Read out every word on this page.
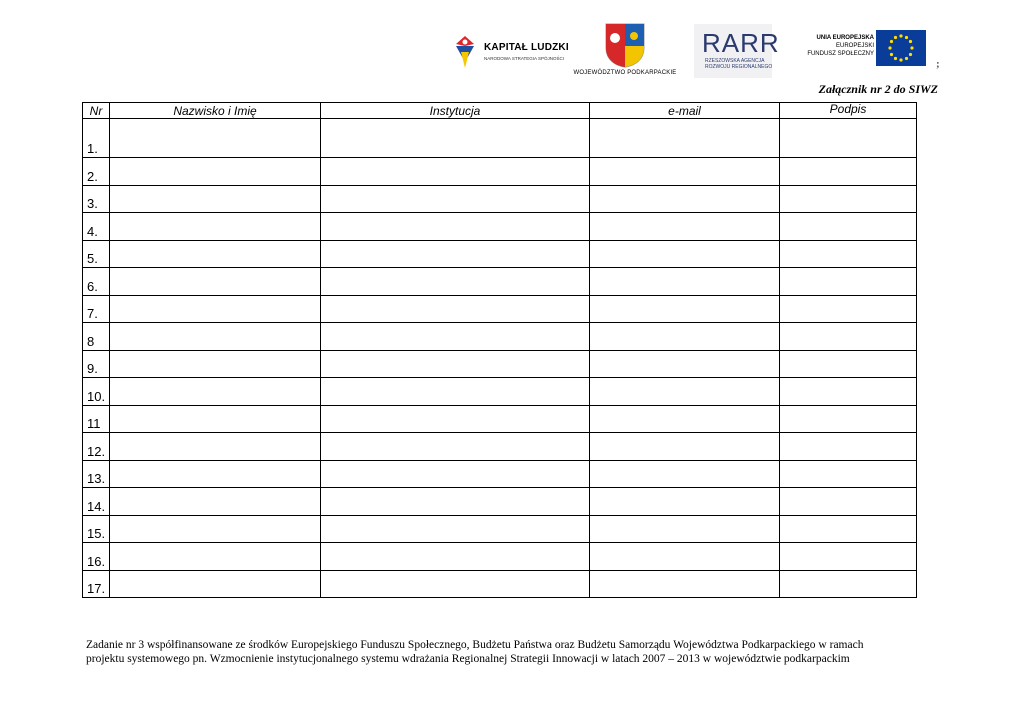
KAPITAŁ LUDZKI
NARODOWA STRATEGIA SPÓJNOŚCI
WOJEWÓDZTWO PODKARPACKIE
RARR
RZESZOWSKA AGENCJA
ROZWOJU REGIONALNEGO
UNIA EUROPEJSKA
EUROPEJSKI
FUNDUSZ SPOŁECZNY
;
Załącznik nr 2 do SIWZ
Nr	Nazwisko i Imię	Instytucja	e-mail	Podpis
1.				
2.				
3.				
4.				
5.				
6.				
7.				
8				
9.				
10.				
11				
12.				
13.				
14.				
15.				
16.				
17.				
Zadanie nr 3 współfinansowane ze środków Europejskiego Funduszu Społecznego, Budżetu Państwa oraz Budżetu Samorządu Województwa Podkarpackiego w ramach
projektu systemowego pn. Wzmocnienie instytucjonalnego systemu wdrażania Regionalnej Strategii Innowacji w latach 2007 – 2013 w województwie podkarpackim
